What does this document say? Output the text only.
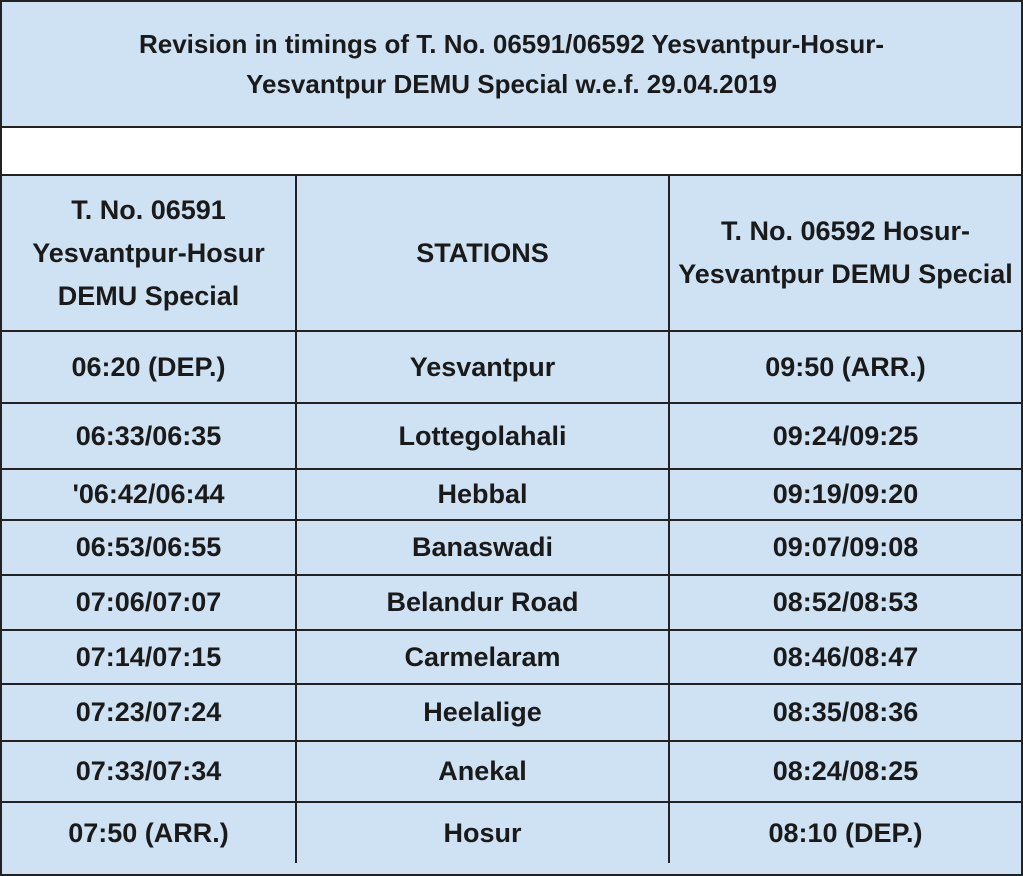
Revision in timings of T. No. 06591/06592 Yesvantpur-Hosur-Yesvantpur DEMU Special w.e.f. 29.04.2019
T. No. 06591 Yesvantpur-Hosur DEMU Special	STATIONS	T. No. 06592 Hosur-Yesvantpur DEMU Special
06:20 (DEP.)	Yesvantpur	09:50 (ARR.)
06:33/06:35	Lottegolahali	09:24/09:25
'06:42/06:44	Hebbal	09:19/09:20
06:53/06:55	Banaswadi	09:07/09:08
07:06/07:07	Belandur Road	08:52/08:53
07:14/07:15	Carmelaram	08:46/08:47
07:23/07:24	Heelalige	08:35/08:36
07:33/07:34	Anekal	08:24/08:25
07:50 (ARR.)	Hosur	08:10 (DEP.)
